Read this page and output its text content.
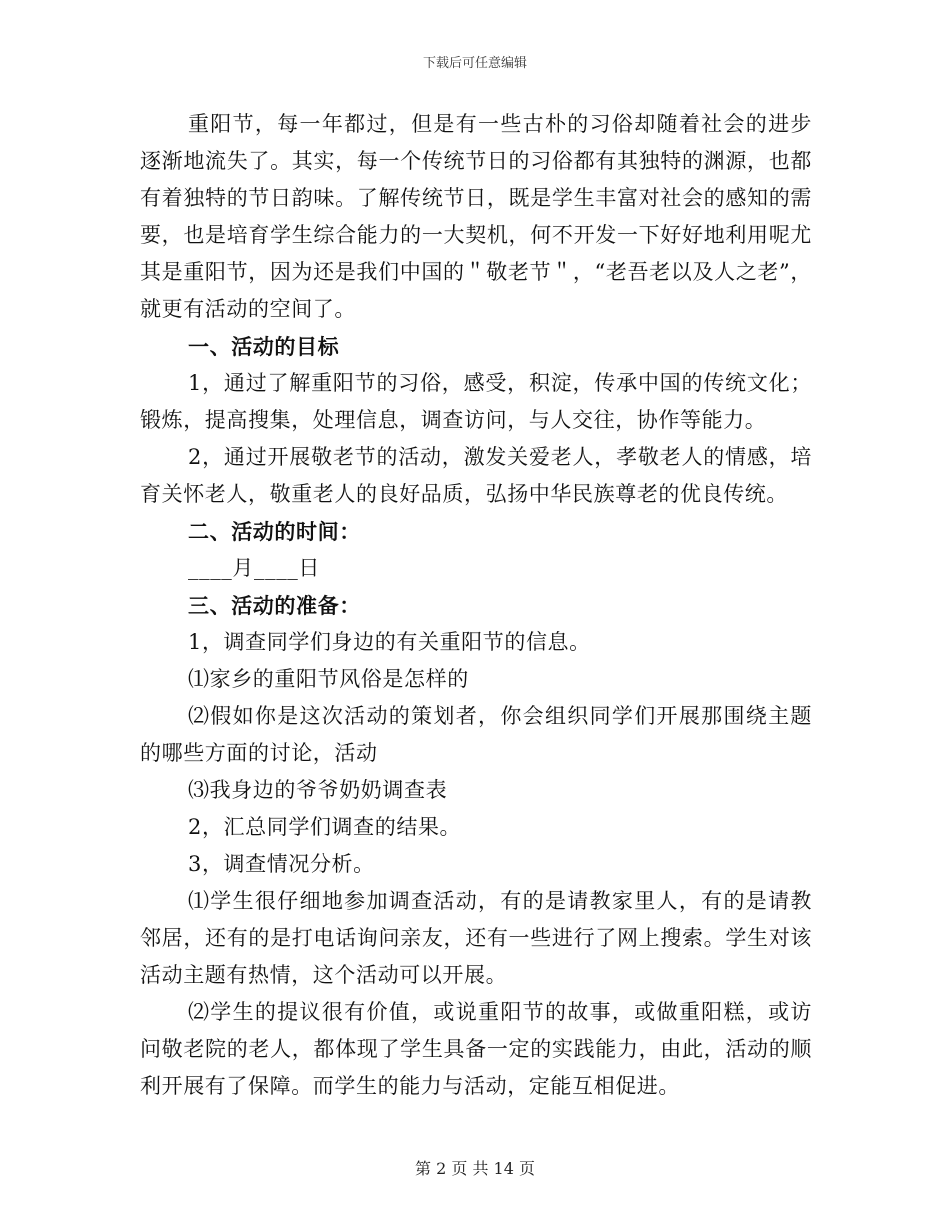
下载后可任意编辑

重阳节，每一年都过，但是有一些古朴的习俗却随着社会的进步逐渐地流失了。其实，每一个传统节日的习俗都有其独特的渊源，也都有着独特的节日韵味。了解传统节日，既是学生丰富对社会的感知的需要，也是培育学生综合能力的一大契机，何不开发一下好好地利用呢尤其是重阳节，因为还是我们中国的＂敬老节＂，“老吾老以及人之老”，就更有活动的空间了。

一、活动的目标

1，通过了解重阳节的习俗，感受，积淀，传承中国的传统文化；锻炼，提高搜集，处理信息，调查访问，与人交往，协作等能力。

2，通过开展敬老节的活动，激发关爱老人，孝敬老人的情感，培育关怀老人，敬重老人的良好品质，弘扬中华民族尊老的优良传统。

二、活动的时间：

____月____日

三、活动的准备：

1，调查同学们身边的有关重阳节的信息。

⑴家乡的重阳节风俗是怎样的

⑵假如你是这次活动的策划者，你会组织同学们开展那围绕主题的哪些方面的讨论，活动

⑶我身边的爷爷奶奶调查表

2，汇总同学们调查的结果。

3，调查情况分析。

⑴学生很仔细地参加调查活动，有的是请教家里人，有的是请教邻居，还有的是打电话询问亲友，还有一些进行了网上搜索。学生对该活动主题有热情，这个活动可以开展。

⑵学生的提议很有价值，或说重阳节的故事，或做重阳糕，或访问敬老院的老人，都体现了学生具备一定的实践能力，由此，活动的顺利开展有了保障。而学生的能力与活动，定能互相促进。

第 2 页 共 14 页
